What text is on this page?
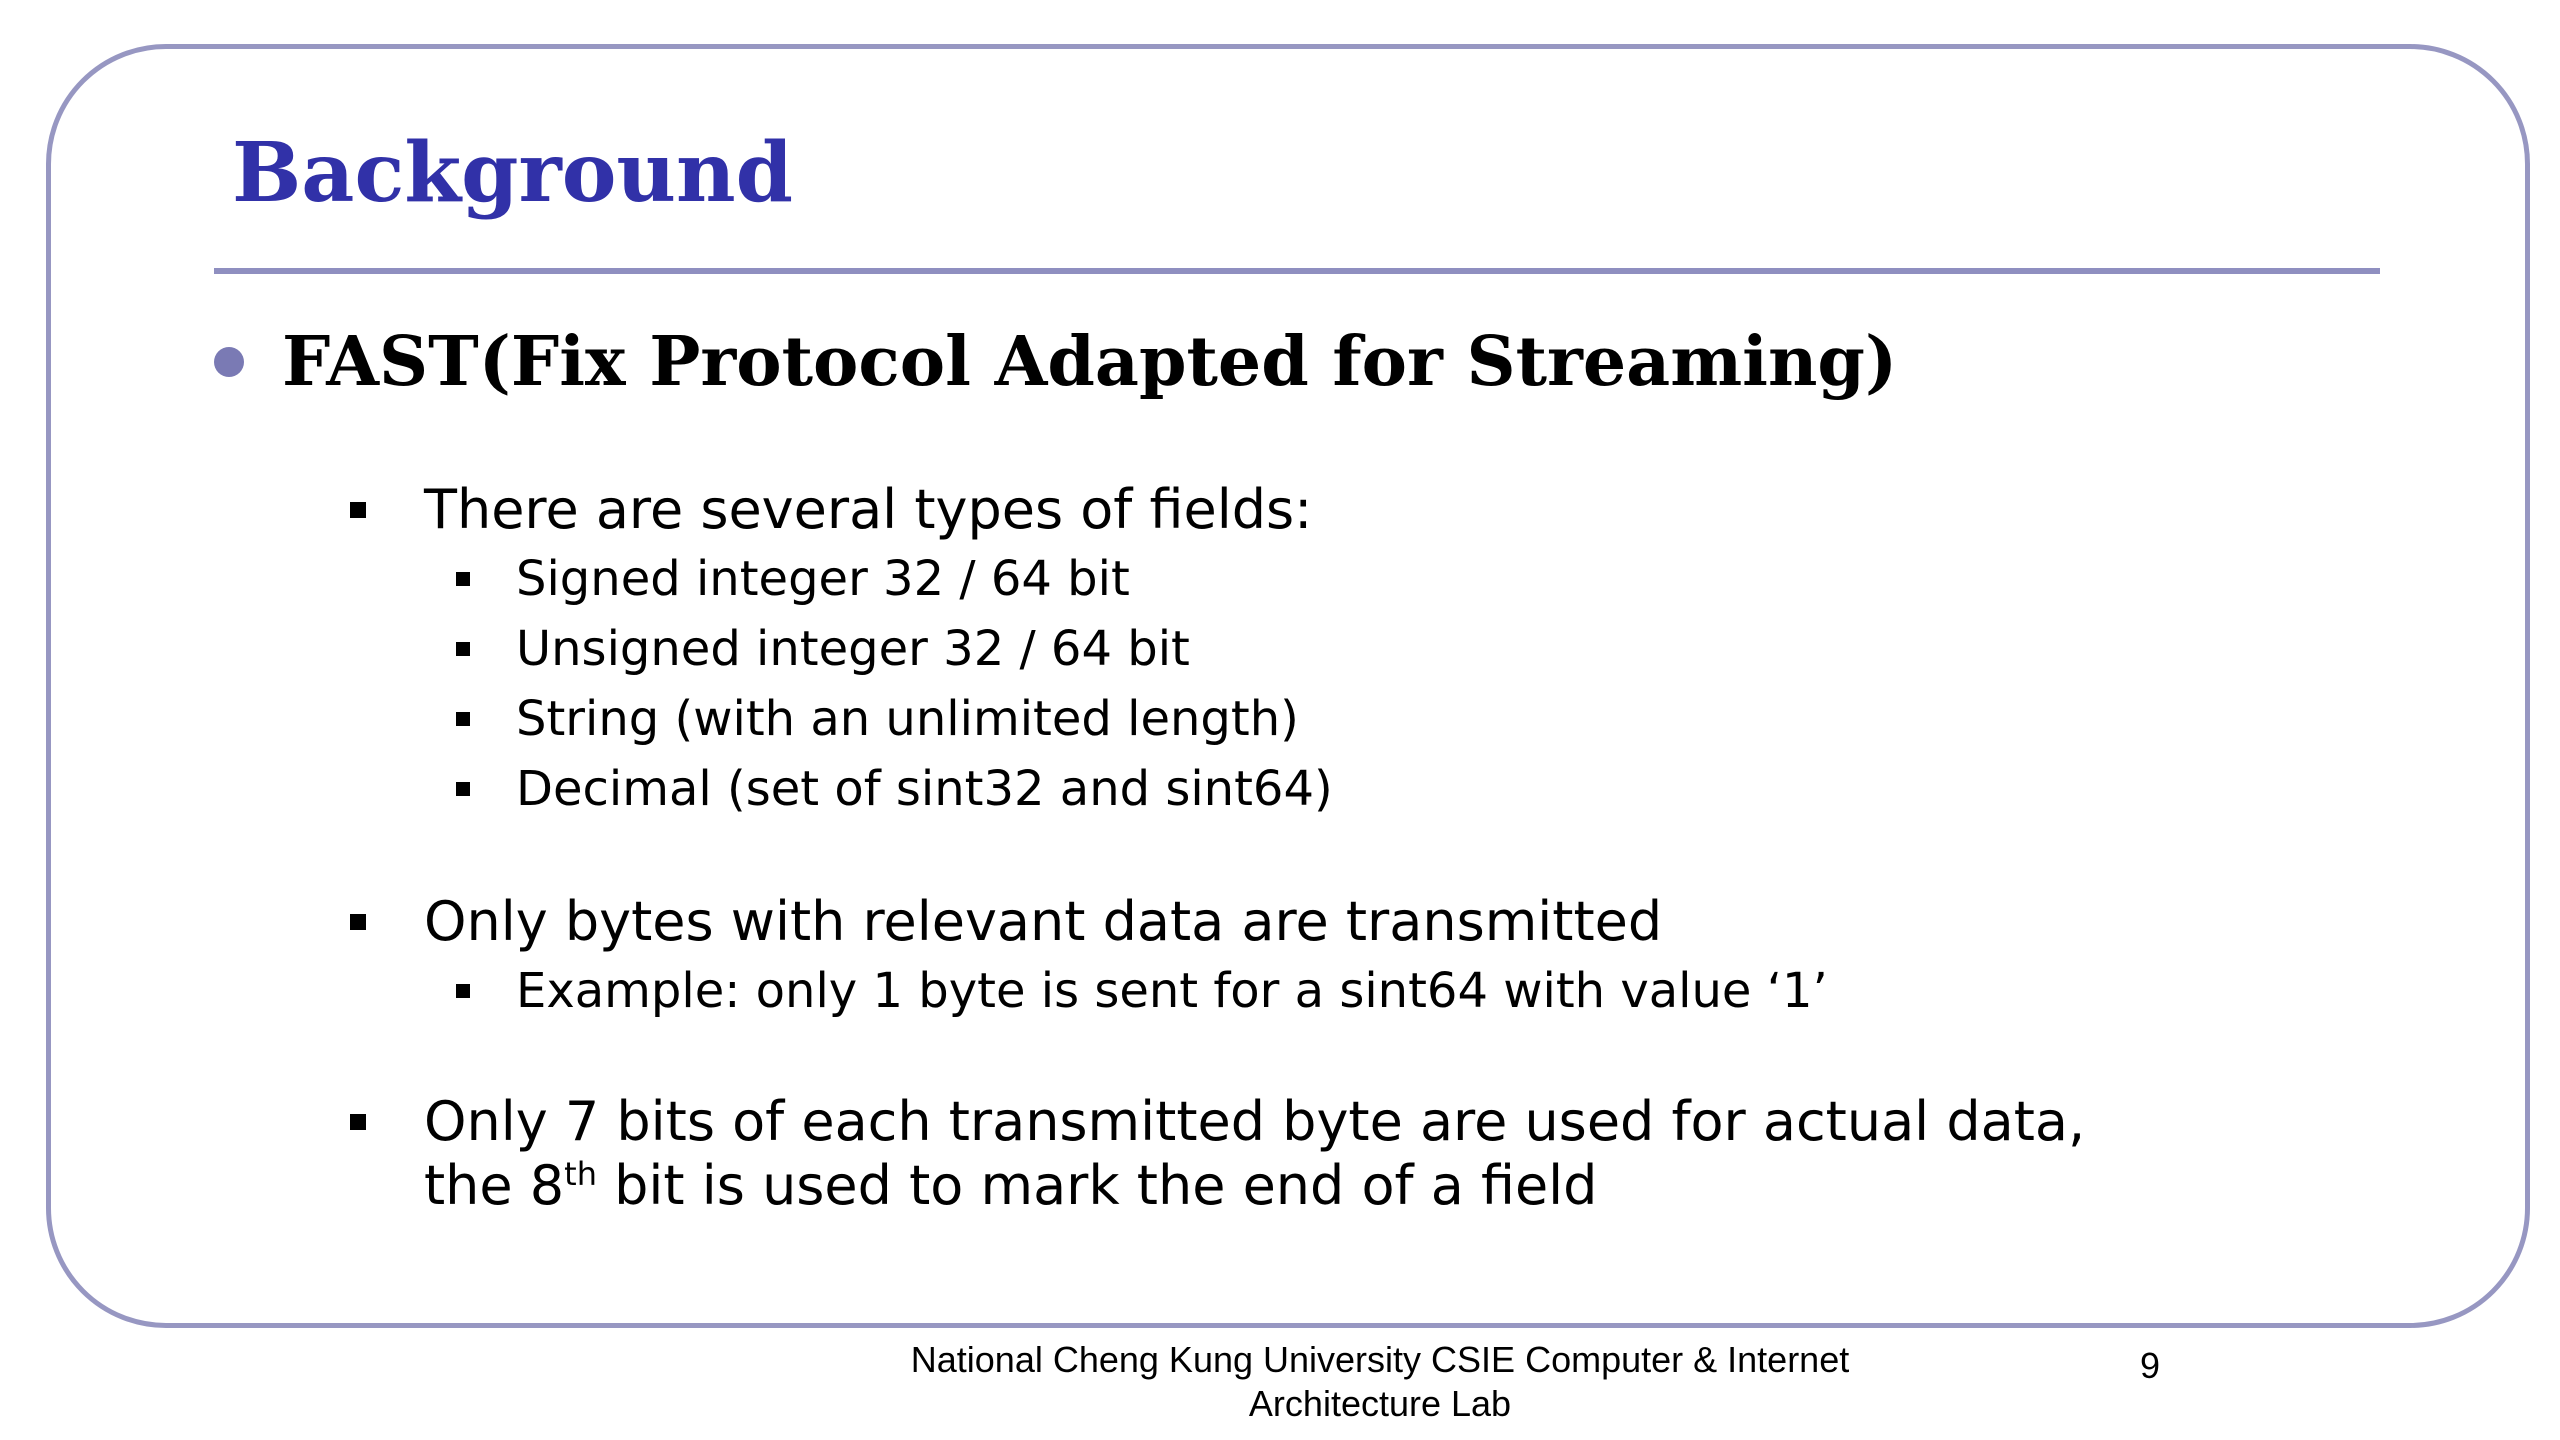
Background
FAST(Fix Protocol Adapted for Streaming)
There are several types of fields:
Signed integer 32 / 64 bit
Unsigned integer 32 / 64 bit
String (with an unlimited length)
Decimal (set of sint32 and sint64)
Only bytes with relevant data are transmitted
Example: only 1 byte is sent for a sint64 with value ‘1’
Only 7 bits of each transmitted byte are used for actual data,
the 8th bit is used to mark the end of a field
National Cheng Kung University CSIE Computer & Internet
Architecture Lab
9
